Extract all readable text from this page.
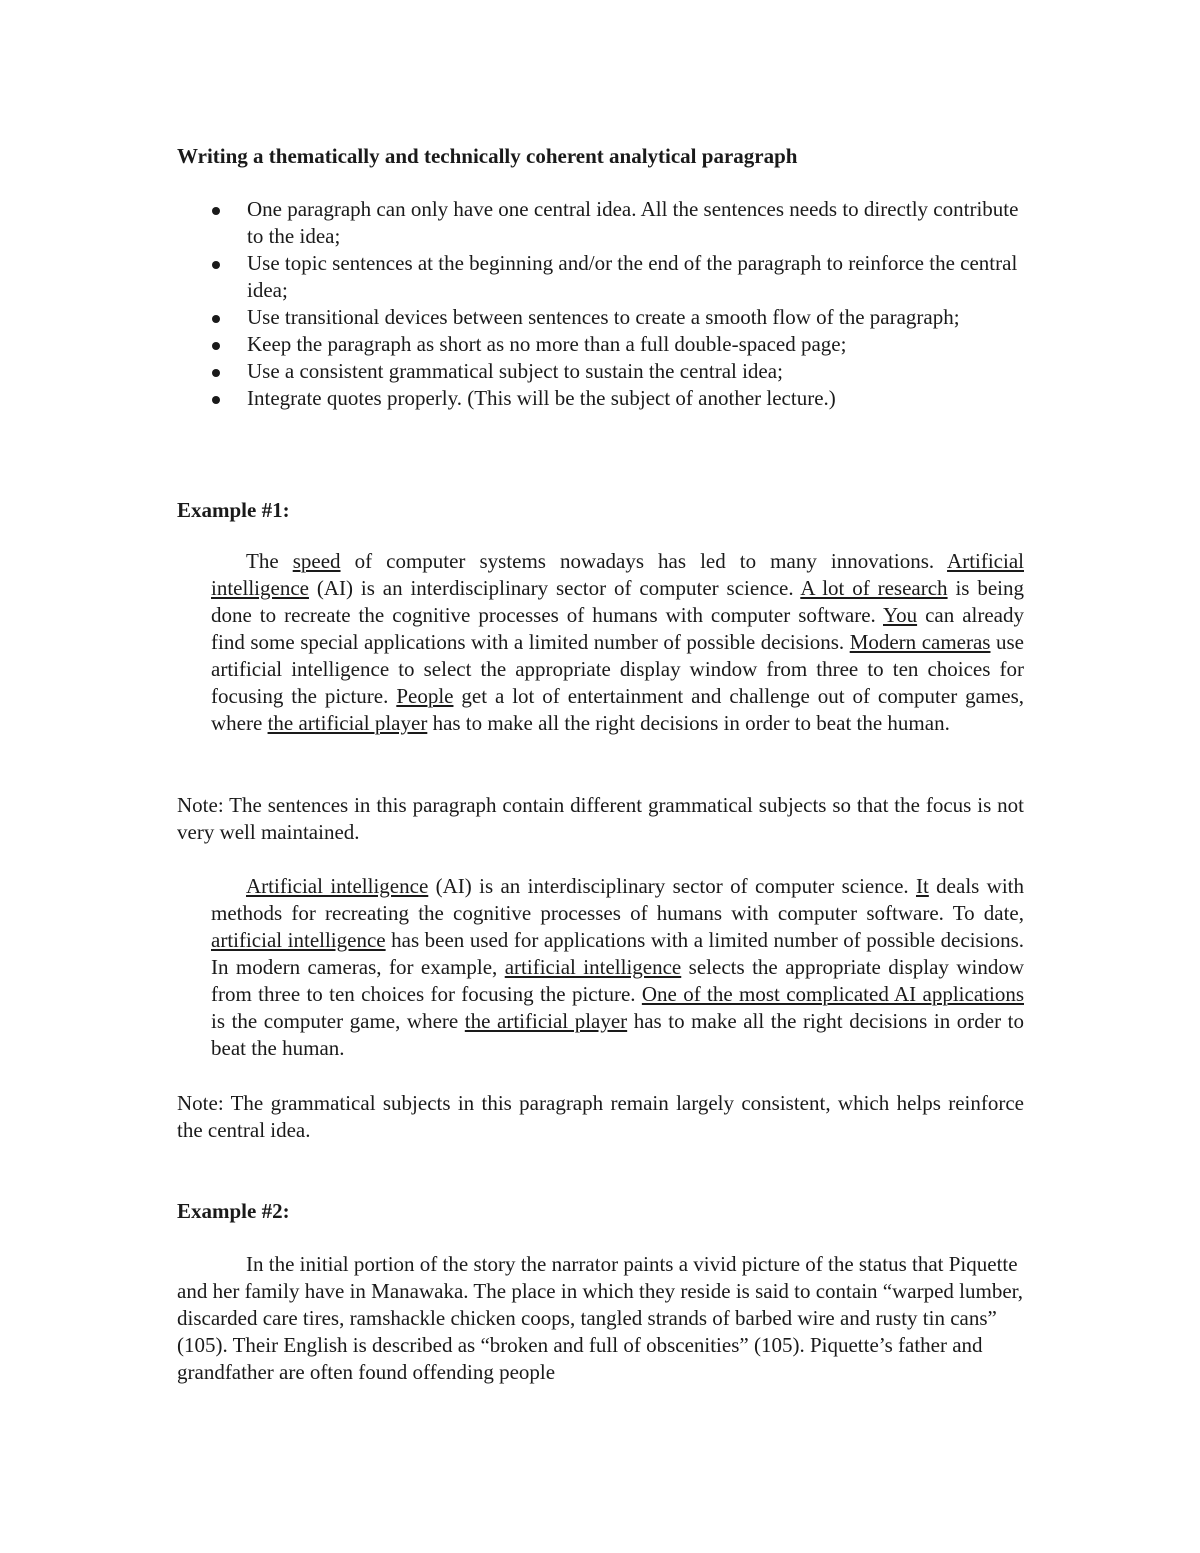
Writing a thematically and technically coherent analytical paragraph
One paragraph can only have one central idea. All the sentences needs to directly contribute to the idea;
Use topic sentences at the beginning and/or the end of the paragraph to reinforce the central idea;
Use transitional devices between sentences to create a smooth flow of the paragraph;
Keep the paragraph as short as no more than a full double-spaced page;
Use a consistent grammatical subject to sustain the central idea;
Integrate quotes properly. (This will be the subject of another lecture.)
Example #1:

The speed of computer systems nowadays has led to many innovations. Artificial intelligence (AI) is an interdisciplinary sector of computer science. A lot of research is being done to recreate the cognitive processes of humans with computer software. You can already find some special applications with a limited number of possible decisions. Modern cameras use artificial intelligence to select the appropriate display window from three to ten choices for focusing the picture. People get a lot of entertainment and challenge out of computer games, where the artificial player has to make all the right decisions in order to beat the human.

Note: The sentences in this paragraph contain different grammatical subjects so that the focus is not very well maintained.

Artificial intelligence (AI) is an interdisciplinary sector of computer science. It deals with methods for recreating the cognitive processes of humans with computer software. To date, artificial intelligence has been used for applications with a limited number of possible decisions. In modern cameras, for example, artificial intelligence selects the appropriate display window from three to ten choices for focusing the picture. One of the most complicated AI applications is the computer game, where the artificial player has to make all the right decisions in order to beat the human.

Note: The grammatical subjects in this paragraph remain largely consistent, which helps reinforce the central idea.

Example #2:

In the initial portion of the story the narrator paints a vivid picture of the status that Piquette and her family have in Manawaka. The place in which they reside is said to contain “warped lumber, discarded care tires, ramshackle chicken coops, tangled strands of barbed wire and rusty tin cans” (105). Their English is described as “broken and full of obscenities” (105). Piquette’s father and grandfather are often found offending people
